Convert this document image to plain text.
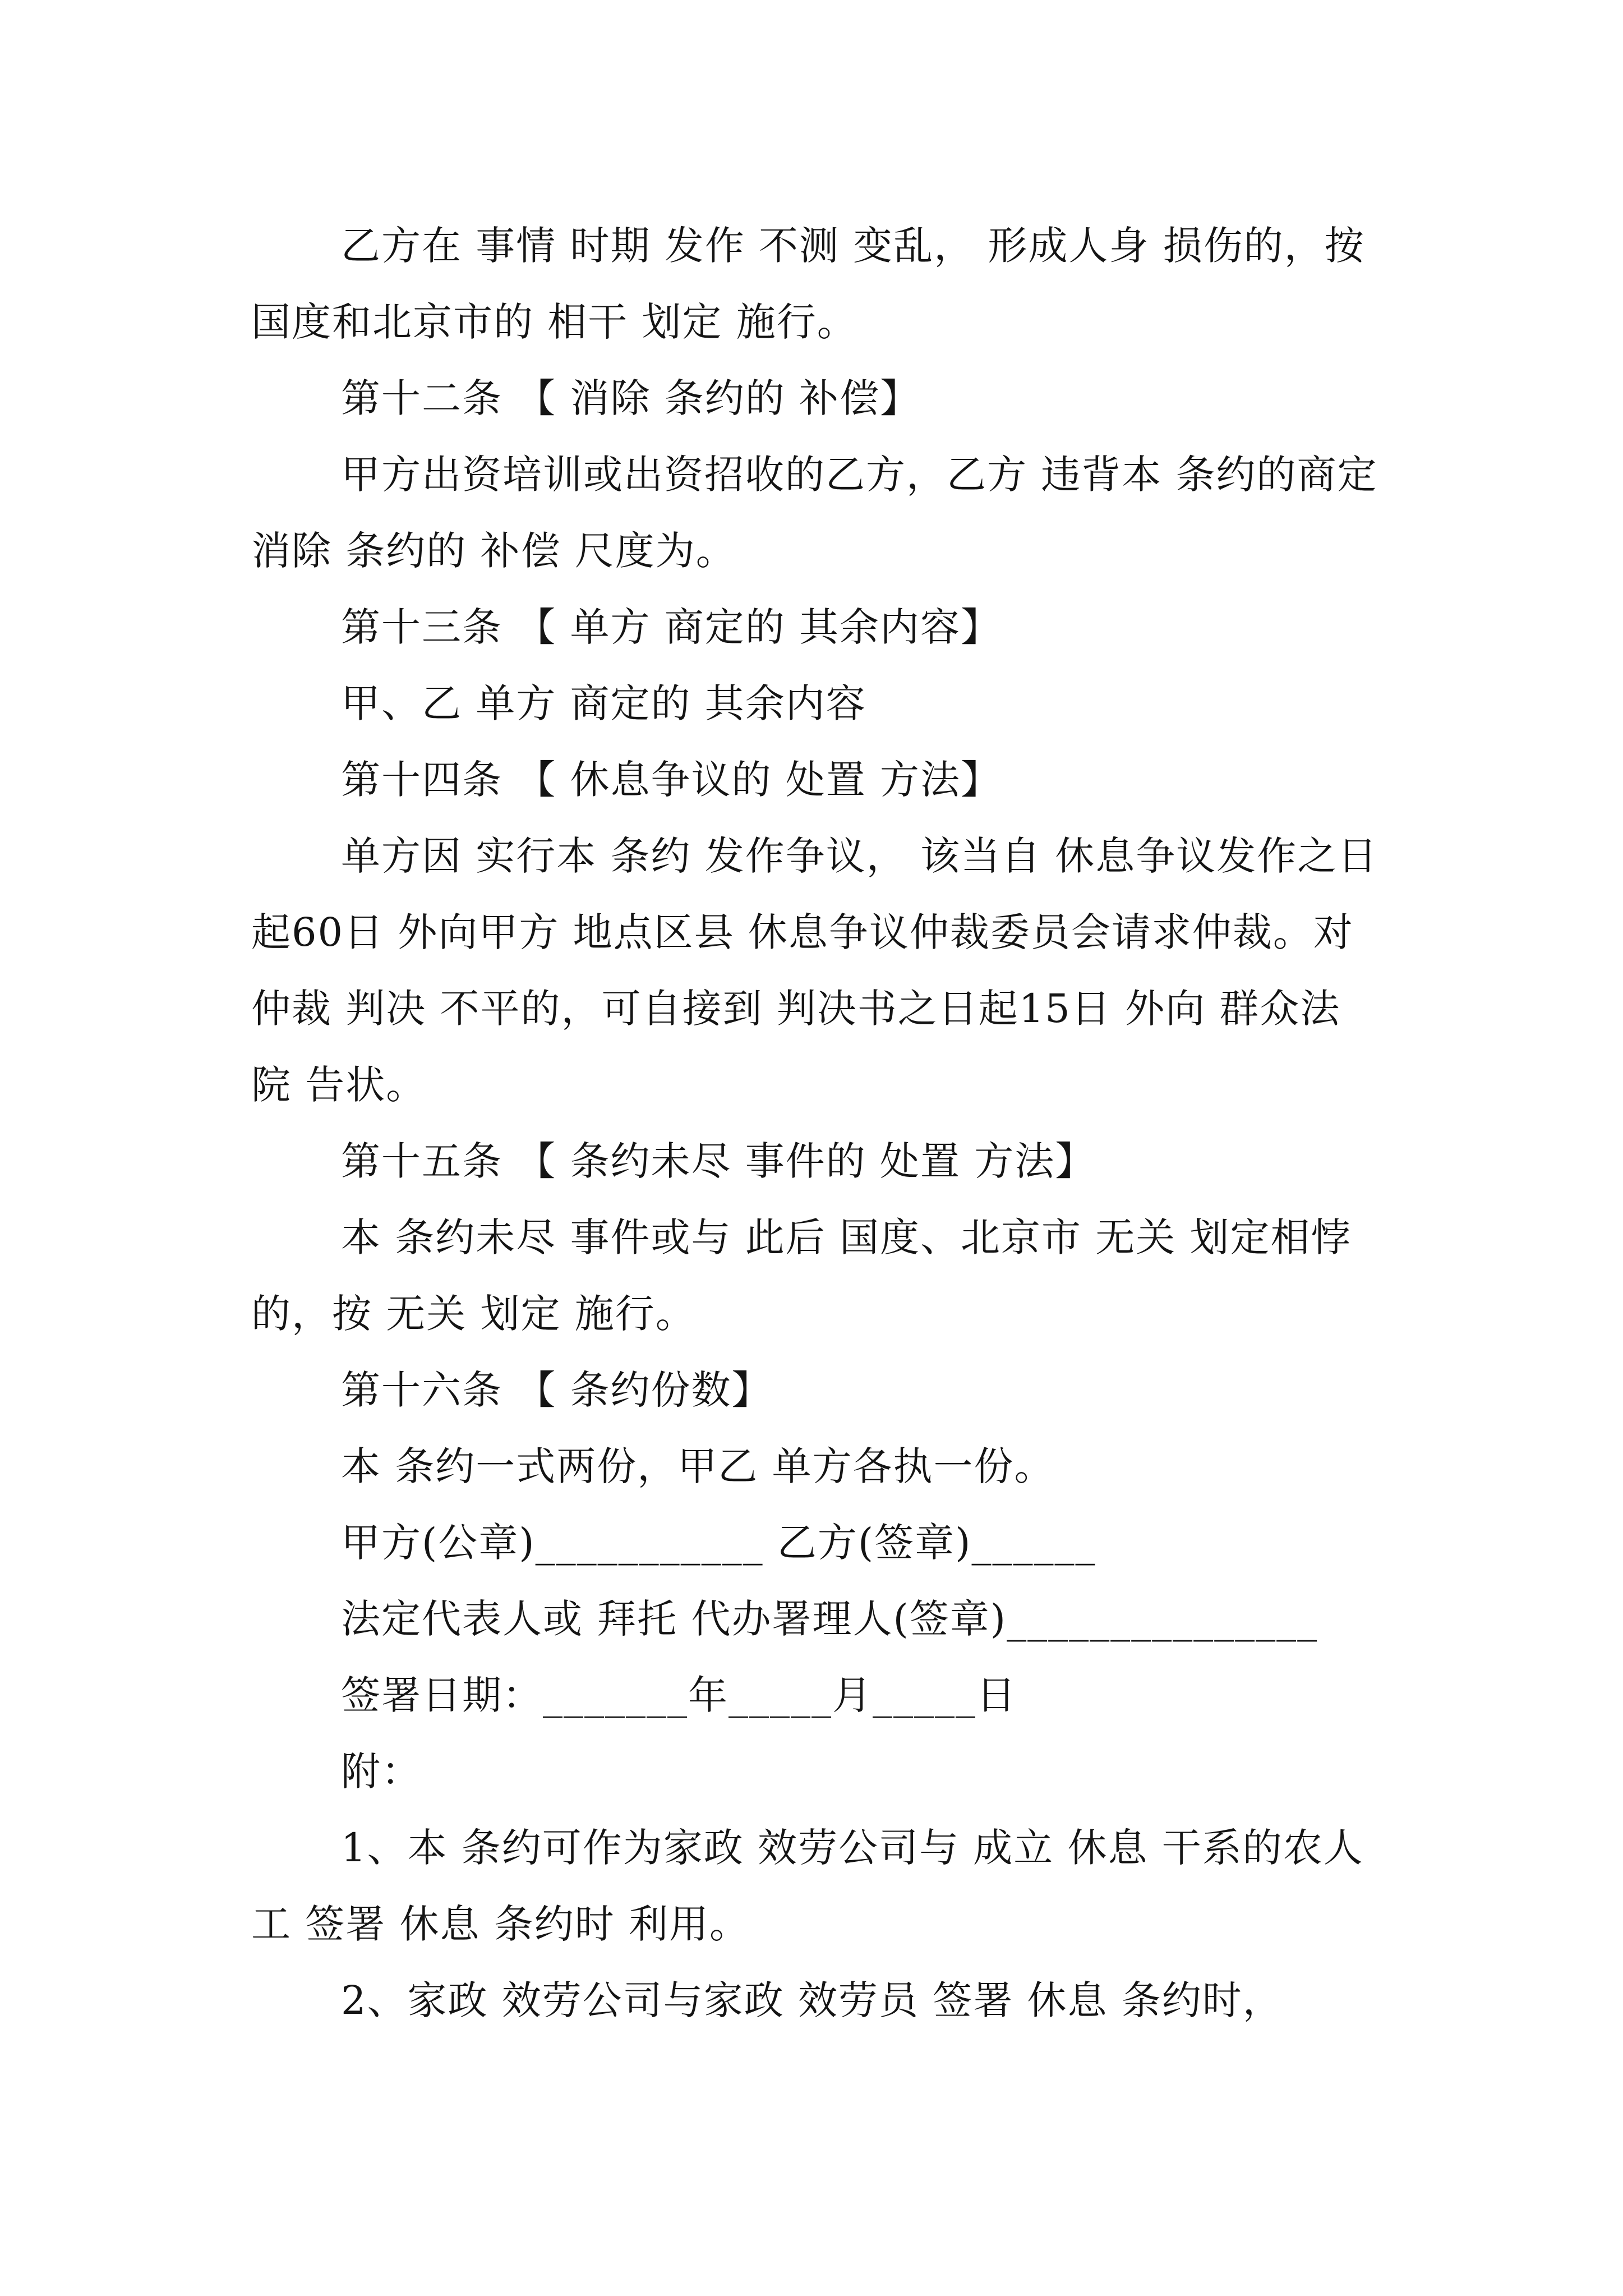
乙方在 事情 时期 发作 不测 变乱， 形成人身 损伤的，按 国度和北京市的 相干 划定 施行。

第十二条 【 消除 条约的 补偿】

甲方出资培训或出资招收的乙方，乙方 违背本 条约的商定 消除 条约的 补偿 尺度为。

第十三条 【 单方 商定的 其余内容】

甲、乙 单方 商定的 其余内容

第十四条 【 休息争议的 处置 方法】

单方因 实行本 条约 发作争议， 该当自 休息争议发作之日起60日 外向甲方 地点区县 休息争议仲裁委员会请求仲裁。对仲裁 判决 不平的，可自接到 判决书之日起15日 外向 群众法院 告状。

第十五条 【 条约未尽 事件的 处置 方法】

本 条约未尽 事件或与 此后 国度、北京市 无关 划定相悖的，按 无关 划定 施行。

第十六条 【 条约份数】

本 条约一式两份，甲乙 单方各执一份。

甲方(公章)___________ 乙方(签章)______

法定代表人或 拜托 代办署理人(签章)_______________

签署日期：_______年_____月_____日

附：

1、本 条约可作为家政 效劳公司与 成立 休息 干系的农人工 签署 休息 条约时 利用。

2、家政 效劳公司与家政 效劳员 签署 休息 条约时，
